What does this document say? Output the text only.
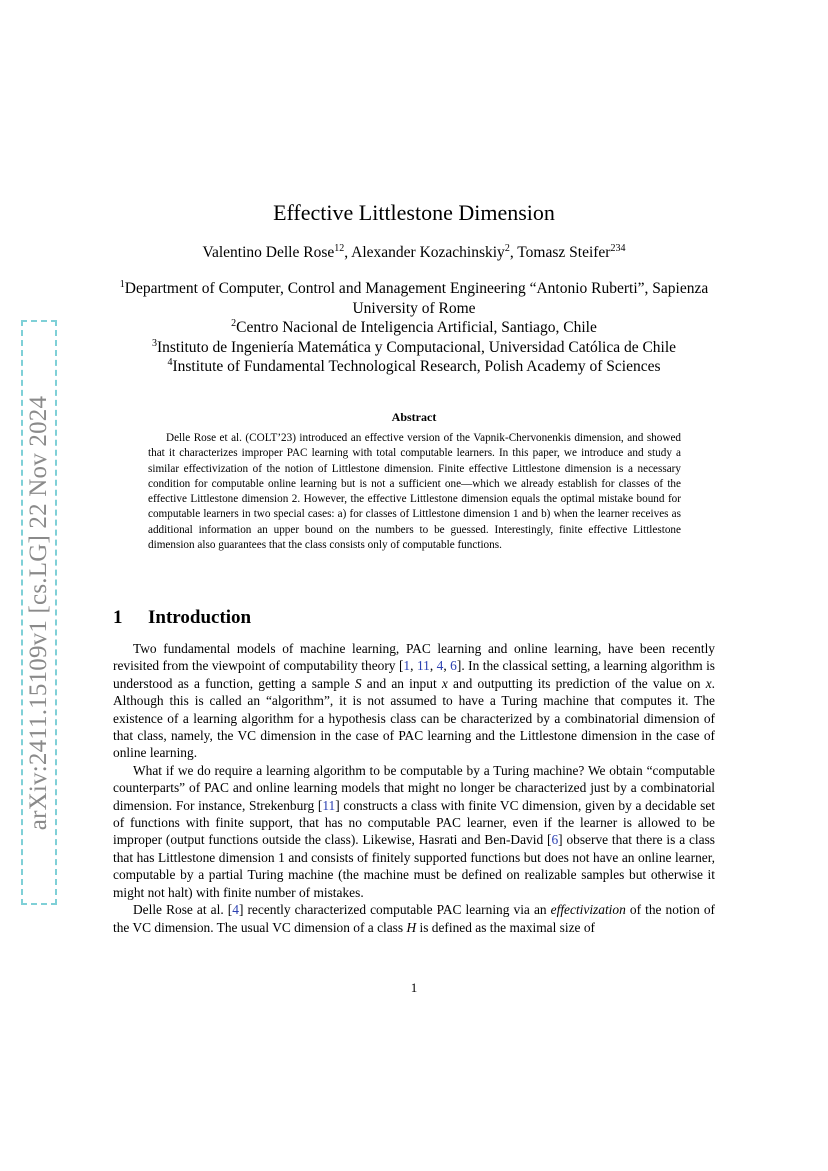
arXiv:2411.15109v1 [cs.LG] 22 Nov 2024
Effective Littlestone Dimension
Valentino Delle Rose$^{12}$, Alexander Kozachinskiy$^2$, Tomasz Steifer$^{234}$
$^1$Department of Computer, Control and Management Engineering “Antonio Ruberti”, Sapienza University of Rome
$^2$Centro Nacional de Inteligencia Artificial, Santiago, Chile
$^3$Instituto de Ingeniería Matemática y Computacional, Universidad Católica de Chile
$^4$Institute of Fundamental Technological Research, Polish Academy of Sciences
Abstract

Delle Rose et al. (COLT’23) introduced an effective version of the Vapnik-Chervonenkis dimension, and showed that it characterizes improper PAC learning with total computable learners. In this paper, we introduce and study a similar effectivization of the notion of Littlestone dimension. Finite effective Littlestone dimension is a necessary condition for computable online learning but is not a sufficient one—which we already establish for classes of the effective Littlestone dimension 2. However, the effective Littlestone dimension equals the optimal mistake bound for computable learners in two special cases: a) for classes of Littlestone dimension 1 and b) when the learner receives as additional information an upper bound on the numbers to be guessed. Interestingly, finite effective Littlestone dimension also guarantees that the class consists only of computable functions.

1 Introduction

Two fundamental models of machine learning, PAC learning and online learning, have been recently revisited from the viewpoint of computability theory [1, 11, 4, 6]. In the classical setting, a learning algorithm is understood as a function, getting a sample S and an input x and outputting its prediction of the value on x. Although this is called an “algorithm”, it is not assumed to have a Turing machine that computes it. The existence of a learning algorithm for a hypothesis class can be characterized by a combinatorial dimension of that class, namely, the VC dimension in the case of PAC learning and the Littlestone dimension in the case of online learning.

What if we do require a learning algorithm to be computable by a Turing machine? We obtain “computable counterparts” of PAC and online learning models that might no longer be characterized just by a combinatorial dimension. For instance, Strekenburg [11] constructs a class with finite VC dimension, given by a decidable set of functions with finite support, that has no computable PAC learner, even if the learner is allowed to be improper (output functions outside the class). Likewise, Hasrati and Ben-David [6] observe that there is a class that has Littlestone dimension 1 and consists of finitely supported functions but does not have an online learner, computable by a partial Turing machine (the machine must be defined on realizable samples but otherwise it might not halt) with finite number of mistakes.

Delle Rose at al. [4] recently characterized computable PAC learning via an effectivization of the notion of the VC dimension. The usual VC dimension of a class H is defined as the maximal size of

1
